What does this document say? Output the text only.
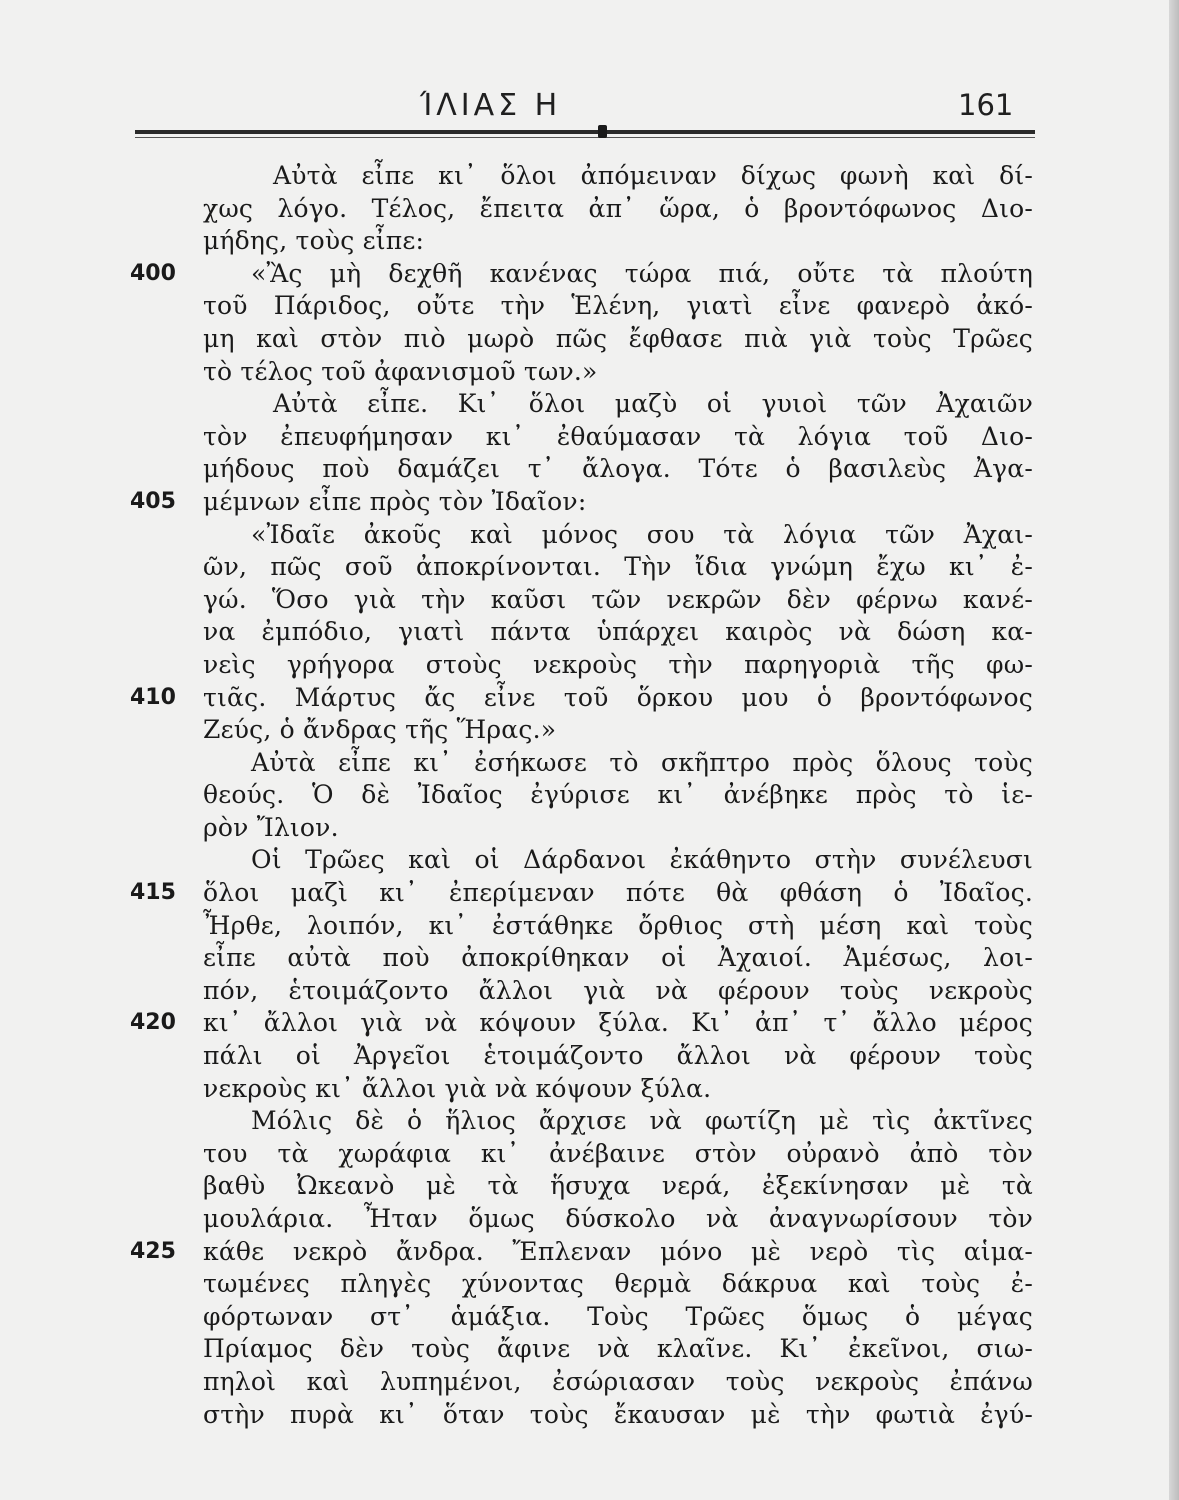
ΊΛΙΑΣ Η	161
Αὐτὰ εἶπε κι᾿ ὅλοι ἀπόμειναν δίχως φωνὴ καὶ δί-
χως λόγο. Τέλος, ἔπειτα ἀπ᾿ ὥρα, ὁ βροντόφωνος Διο-
μήδης, τοὺς εἶπε:
400	«Ἂς μὴ δεχθῆ κανένας τώρα πιά, οὔτε τὰ πλούτη
τοῦ Πάριδος, οὔτε τὴν Ἑλένη, γιατὶ εἶνε φανερὸ ἀκό-
μη καὶ στὸν πιὸ μωρὸ πῶς ἔφθασε πιὰ γιὰ τοὺς Τρῶες
τὸ τέλος τοῦ ἀφανισμοῦ των.»
Αὐτὰ εἶπε. Κι᾿ ὅλοι μαζὺ οἱ γυιοὶ τῶν Ἀχαιῶν
τὸν ἐπευφήμησαν κι᾿ ἐθαύμασαν τὰ λόγια τοῦ Διο-
μήδους ποὺ δαμάζει τ᾿ ἄλογα. Τότε ὁ βασιλεὺς Ἀγα-
405 μέμνων εἶπε πρὸς τὸν Ἰδαῖον:
«Ἰδαῖε ἀκοῦς καὶ μόνος σου τὰ λόγια τῶν Ἀχαι-
ῶν, πῶς σοῦ ἀποκρίνονται. Τὴν ἴδια γνώμη ἔχω κι᾿ ἐ-
γώ. Ὅσο γιὰ τὴν καῦσι τῶν νεκρῶν δὲν φέρνω κανέ-
να ἐμπόδιο, γιατὶ πάντα ὑπάρχει καιρὸς νὰ δώση κα-
νεὶς γρήγορα στοὺς νεκροὺς τὴν παρηγοριὰ τῆς φω-
410 τιᾶς. Μάρτυς ἄς εἶνε τοῦ ὅρκου μου ὁ βροντόφωνος
Ζεύς, ὁ ἄνδρας τῆς Ἥρας.»
Αὐτὰ εἶπε κι᾿ ἐσήκωσε τὸ σκῆπτρο πρὸς ὅλους τοὺς
θεούς. Ὁ δὲ Ἰδαῖος ἐγύρισε κι᾿ ἀνέβηκε πρὸς τὸ ἱε-
ρὸν Ἴλιον.
Οἱ Τρῶες καὶ οἱ Δάρδανοι ἐκάθηντο στὴν συνέλευσι
415 ὅλοι μαζὶ κι᾿ ἐπερίμεναν πότε θὰ φθάση ὁ Ἰδαῖος.
Ἦρθε, λοιπόν, κι᾿ ἐστάθηκε ὄρθιος στὴ μέση καὶ τοὺς
εἶπε αὐτὰ ποὺ ἀποκρίθηκαν οἱ Ἀχαιοί. Ἀμέσως, λοι-
πόν, ἑτοιμάζοντο ἄλλοι γιὰ νὰ φέρουν τοὺς νεκροὺς
420 κι᾿ ἄλλοι γιὰ νὰ κόψουν ξύλα. Κι᾿ ἀπ᾿ τ᾿ ἄλλο μέρος
πάλι οἱ Ἀργεῖοι ἑτοιμάζοντο ἄλλοι νὰ φέρουν τοὺς
νεκροὺς κι᾿ ἄλλοι γιὰ νὰ κόψουν ξύλα.
Μόλις δὲ ὁ ἥλιος ἄρχισε νὰ φωτίζη μὲ τὶς ἀκτῖνες
του τὰ χωράφια κι᾿ ἀνέβαινε στὸν οὐρανὸ ἀπὸ τὸν
βαθὺ Ὠκεανὸ μὲ τὰ ἥσυχα νερά, ἐξεκίνησαν μὲ τὰ
μουλάρια. Ἦταν ὅμως δύσκολο νὰ ἀναγνωρίσουν τὸν
425 κάθε νεκρὸ ἄνδρα. Ἔπλεναν μόνο μὲ νερὸ τὶς αἱμα-
τωμένες πληγὲς χύνοντας θερμὰ δάκρυα καὶ τοὺς ἐ-
φόρτωναν στ᾿ ἁμάξια. Τοὺς Τρῶες ὅμως ὁ μέγας
Πρίαμος δὲν τοὺς ἄφινε νὰ κλαῖνε. Κι᾿ ἐκεῖνοι, σιω-
πηλοὶ καὶ λυπημένοι, ἐσώριασαν τοὺς νεκροὺς ἐπάνω
στὴν πυρὰ κι᾿ ὅταν τοὺς ἔκαυσαν μὲ τὴν φωτιὰ ἐγύ-
